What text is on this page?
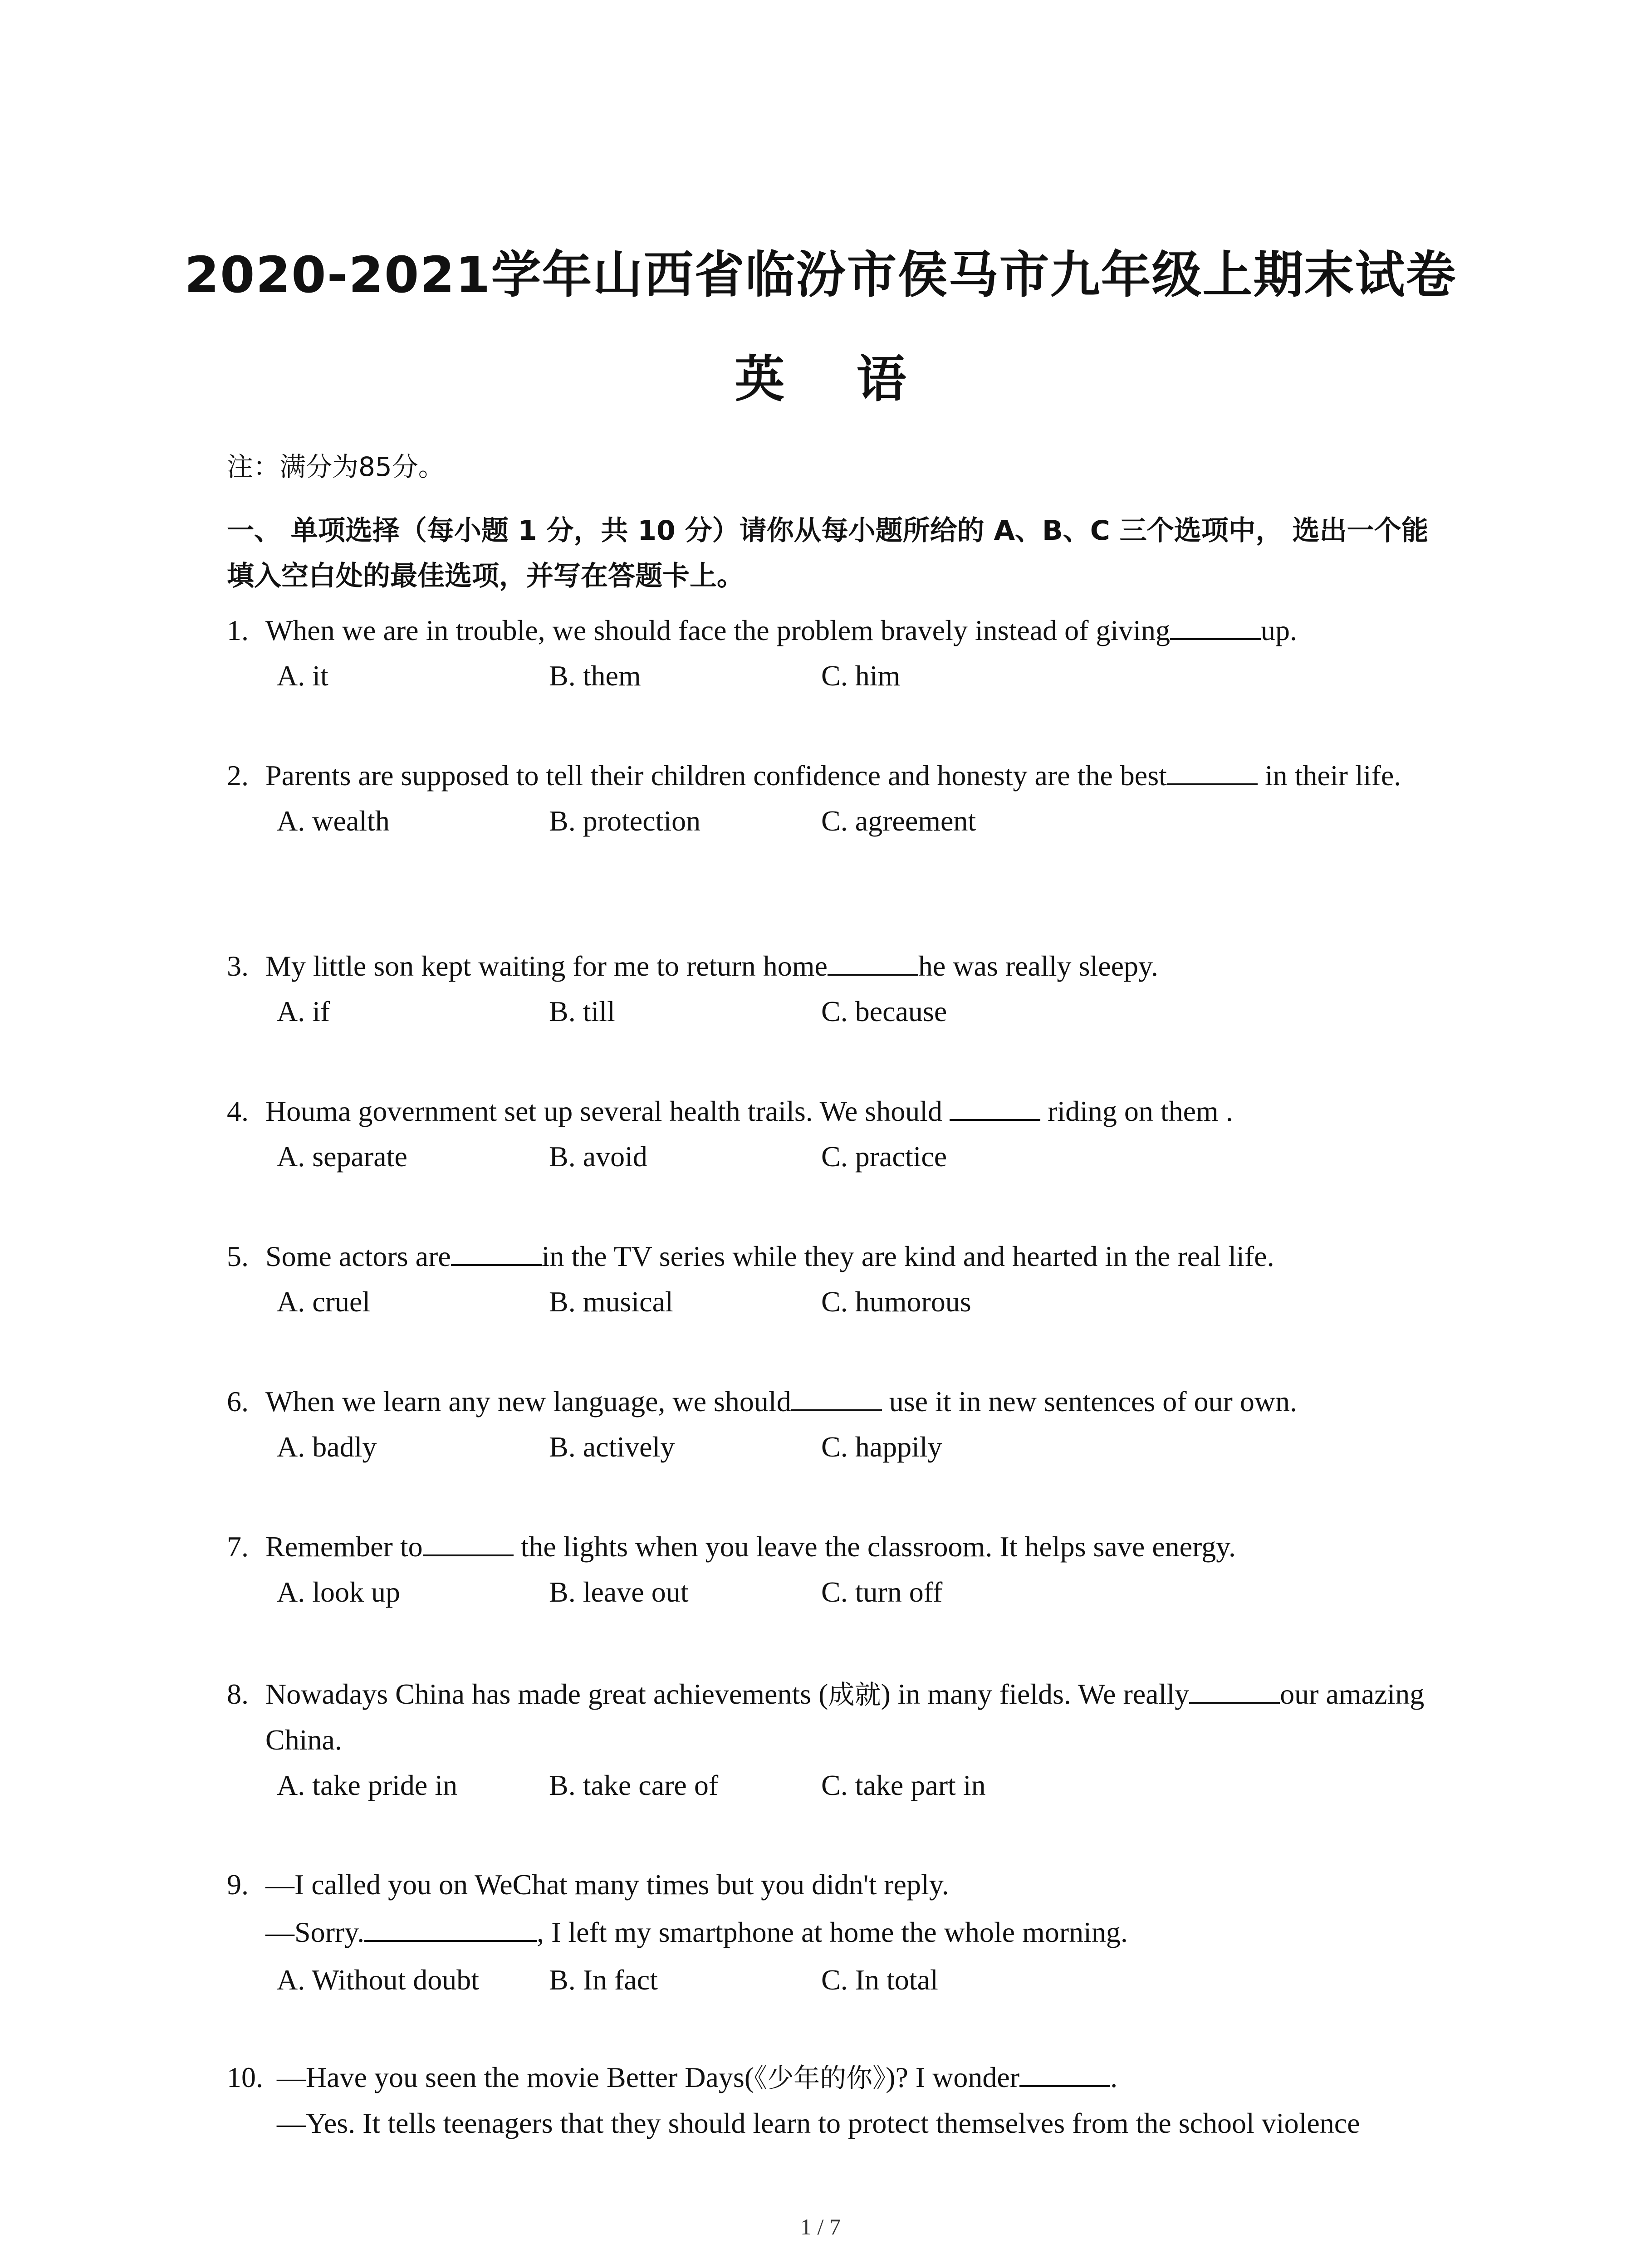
2020-2021学年山西省临汾市侯马市九年级上期末试卷
英 语
注：满分为85分。

一、 单项选择（每小题 1 分，共 10 分）请你从每小题所给的 A、B、C 三个选项中， 选出一个能填入空白处的最佳选项，并写在答题卡上。

1. When we are in trouble, we should face the problem bravely instead of giving	up.
A. it	B. them	C. him
2. Parents are supposed to tell their children confidence and honesty are the best	in their life.
A. wealth	B. protection	C. agreement
3. My little son kept waiting for me to return home	he was really sleepy.
A. if	B. till	C. because
4. Houma government set up several health trails. We should	riding on them .
A. separate	B. avoid	C. practice
5. Some actors are	in the TV series while they are kind and hearted in the real life.
A. cruel	B. musical	C. humorous
6. When we learn any new language, we should	use it in new sentences of our own.
A. badly	B. actively	C. happily
7. Remember to	the lights when you leave the classroom. It helps save energy.
A. look up	B. leave out	C. turn off
8. Nowadays China has made great achievements (成就) in many fields. We really	our amazing China.
A. take pride in	B. take care of	C. take part in
9. —I called you on WeChat many times but you didn't reply.
—Sorry.	, I left my smartphone at home the whole morning.
A. Without doubt B. In fact	C. In total
10. —Have you seen the movie Better Days(《少年的你》)? I wonder	.
—Yes. It tells teenagers that they should learn to protect themselves from the school violence
1 / 7
